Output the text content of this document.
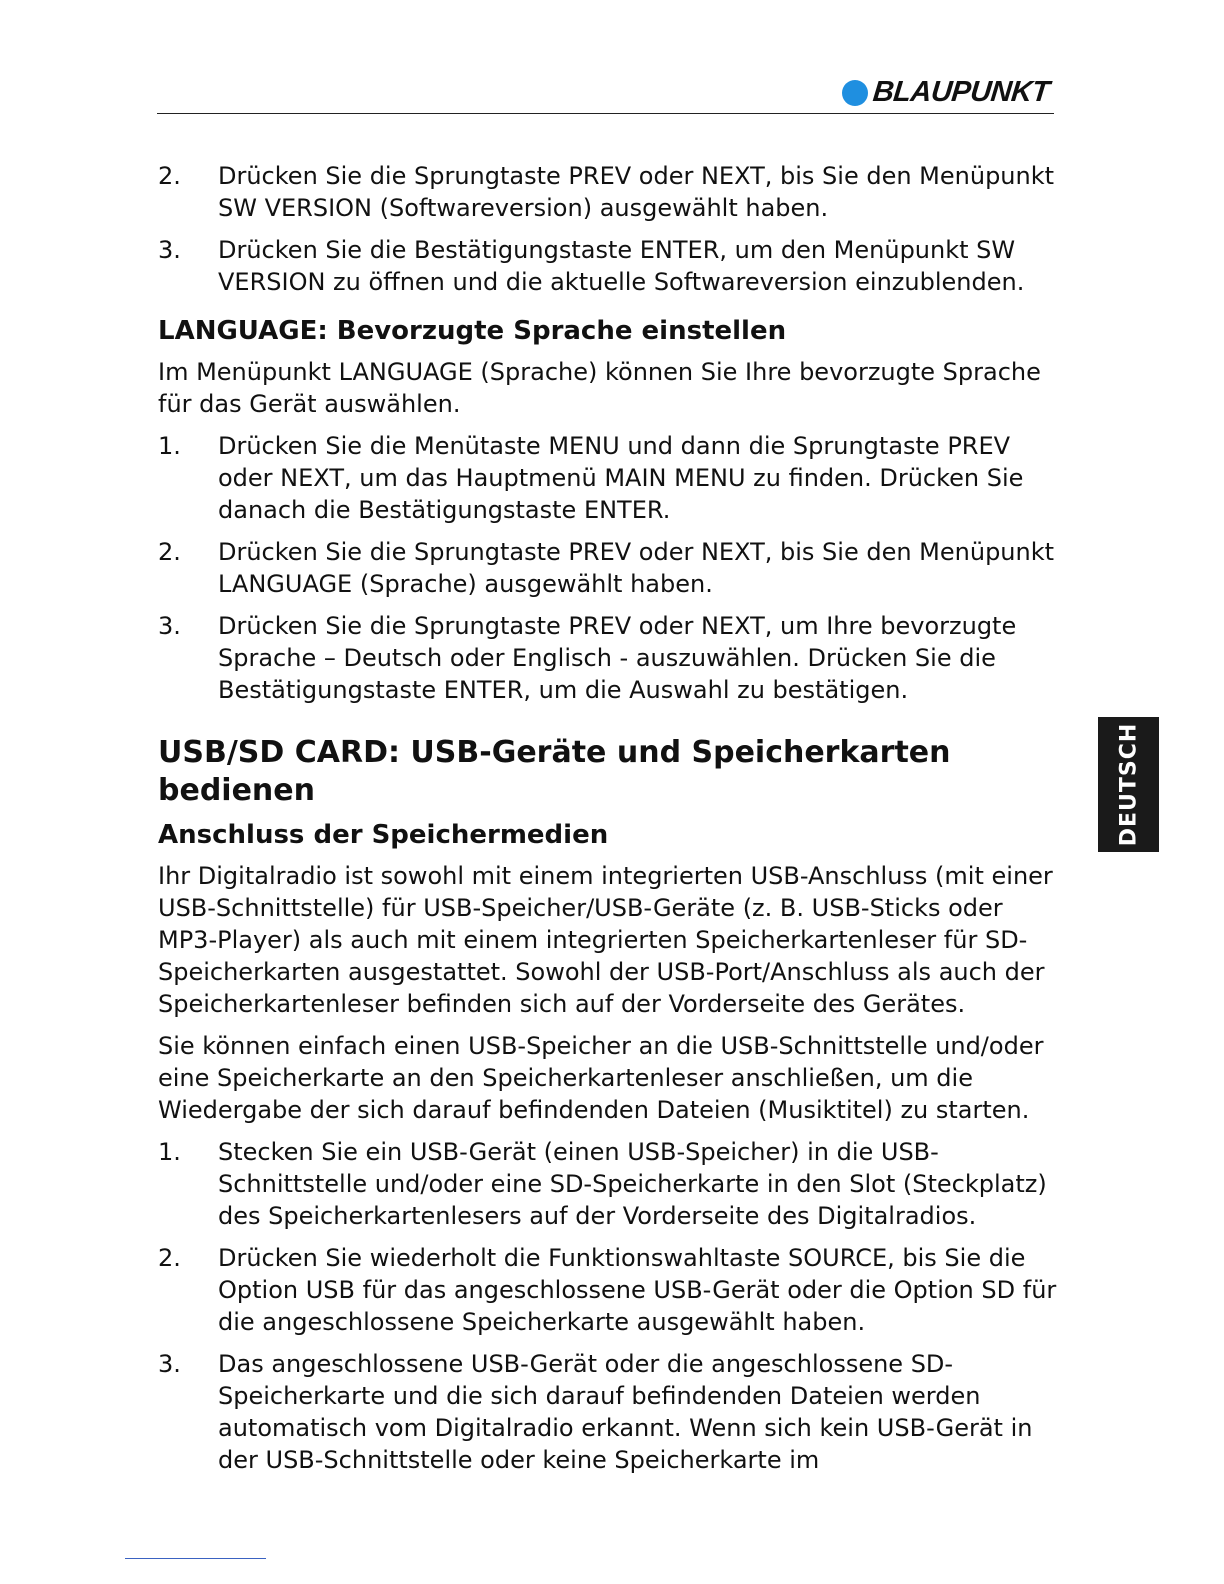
BLAUPUNKT
2.	Drücken Sie die Sprungtaste PREV oder NEXT, bis Sie den Menüpunkt SW VERSION (Softwareversion) ausgewählt haben.
3.	Drücken Sie die Bestätigungstaste ENTER, um den Menüpunkt SW VERSION zu öffnen und die aktuelle Softwareversion einzublenden.
LANGUAGE: Bevorzugte Sprache einstellen
Im Menüpunkt LANGUAGE (Sprache) können Sie Ihre bevorzugte Sprache für das Gerät auswählen.
1.	Drücken Sie die Menütaste MENU und dann die Sprungtaste PREV oder NEXT, um das Hauptmenü MAIN MENU zu finden. Drücken Sie danach die Bestätigungstaste ENTER.
2.	Drücken Sie die Sprungtaste PREV oder NEXT, bis Sie den Menüpunkt LANGUAGE (Sprache) ausgewählt haben.
3.	Drücken Sie die Sprungtaste PREV oder NEXT, um Ihre bevorzugte Sprache – Deutsch oder Englisch - auszuwählen. Drücken Sie die Bestätigungstaste ENTER, um die Auswahl zu bestätigen.
USB/SD CARD: USB-Geräte und Speicherkarten bedienen
Anschluss der Speichermedien
Ihr Digitalradio ist sowohl mit einem integrierten USB-Anschluss (mit einer USB-Schnittstelle) für USB-Speicher/USB-Geräte (z. B. USB-Sticks oder MP3-Player) als auch mit einem integrierten Speicherkartenleser für SD-Speicherkarten ausgestattet. Sowohl der USB-Port/Anschluss als auch der Speicherkartenleser befinden sich auf der Vorderseite des Gerätes.
Sie können einfach einen USB-Speicher an die USB-Schnittstelle und/oder eine Speicherkarte an den Speicherkartenleser anschließen, um die Wiedergabe der sich darauf befindenden Dateien (Musiktitel) zu starten.
1.	Stecken Sie ein USB-Gerät (einen USB-Speicher) in die USB-Schnittstelle und/oder eine SD-Speicherkarte in den Slot (Steckplatz) des Speicherkartenlesers auf der Vorderseite des Digitalradios.
2.	Drücken Sie wiederholt die Funktionswahltaste SOURCE, bis Sie die Option USB für das angeschlossene USB-Gerät oder die Option SD für die angeschlossene Speicherkarte ausgewählt haben.
3.	Das angeschlossene USB-Gerät oder die angeschlossene SD-Speicherkarte und die sich darauf befindenden Dateien werden automatisch vom Digitalradio erkannt. Wenn sich kein USB-Gerät in der USB-Schnittstelle oder keine Speicherkarte im
DEUTSCH
